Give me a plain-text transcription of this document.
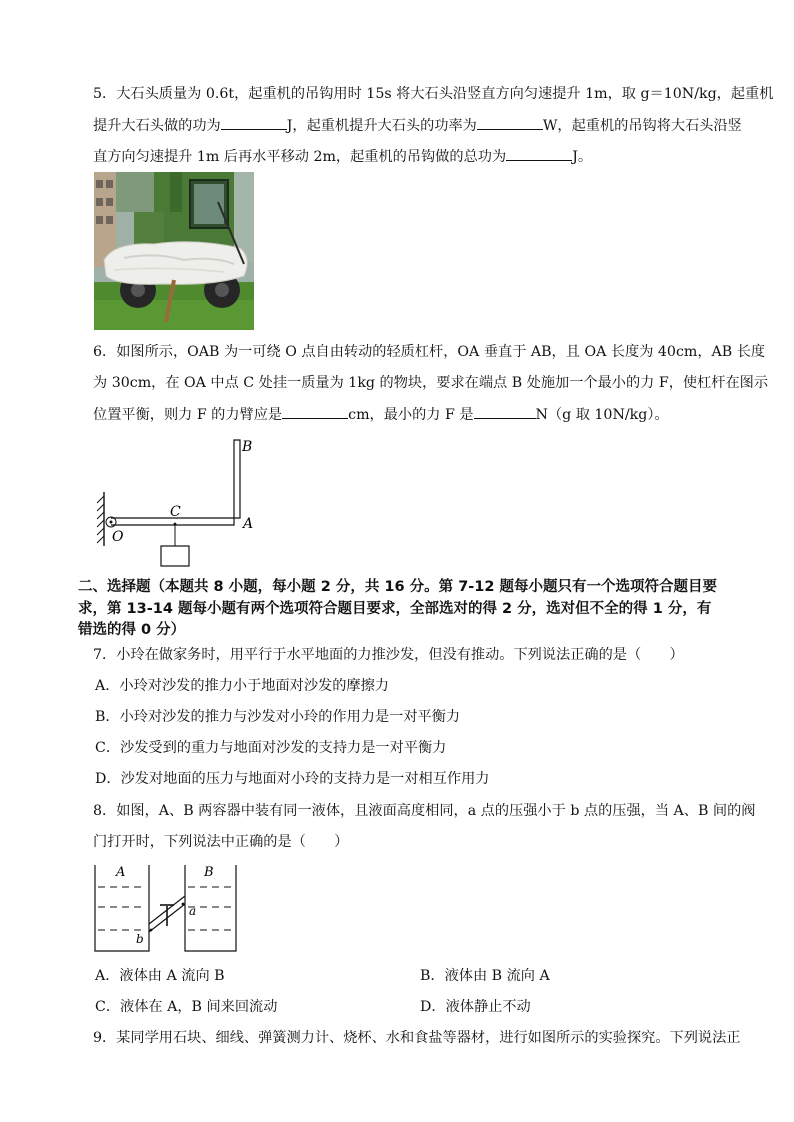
5．大石头质量为 0.6t，起重机的吊钩用时 15s 将大石头沿竖直方向匀速提升 1m，取 g＝10N/kg，起重机
提升大石头做的功为	J，起重机提升大石头的功率为	W，起重机的吊钩将大石头沿竖
直方向匀速提升 1m 后再水平移动 2m，起重机的吊钩做的总功为	J。
6．如图所示，OAB 为一可绕 O 点自由转动的轻质杠杆，OA 垂直于 AB，且 OA 长度为 40cm，AB 长度
为 30cm，在 OA 中点 C 处挂一质量为 1kg 的物块，要求在端点 B 处施加一个最小的力 F，使杠杆在图示
位置平衡，则力 F 的力臂应是	cm，最小的力 F 是	N（g 取 10N/kg）。
B
C
A
O
二、选择题（本题共 8 小题，每小题 2 分，共 16 分。第 7-12 题每小题只有一个选项符合题目要
求，第 13-14 题每小题有两个选项符合题目要求，全部选对的得 2 分，选对但不全的得 1 分，有
错选的得 0 分）
7．小玲在做家务时，用平行于水平地面的力推沙发，但没有推动。下列说法正确的是（　　）
A．小玲对沙发的推力小于地面对沙发的摩擦力
B．小玲对沙发的推力与沙发对小玲的作用力是一对平衡力
C．沙发受到的重力与地面对沙发的支持力是一对平衡力
D．沙发对地面的压力与地面对小玲的支持力是一对相互作用力
8．如图，A、B 两容器中装有同一液体，且液面高度相同，a 点的压强小于 b 点的压强，当 A、B 间的阀
门打开时，下列说法中正确的是（　　）
A	B
a
b
A．液体由 A 流向 B	B．液体由 B 流向 A
C．液体在 A，B 间来回流动	D．液体静止不动
9．某同学用石块、细线、弹簧测力计、烧杯、水和食盐等器材，进行如图所示的实验探究。下列说法正
